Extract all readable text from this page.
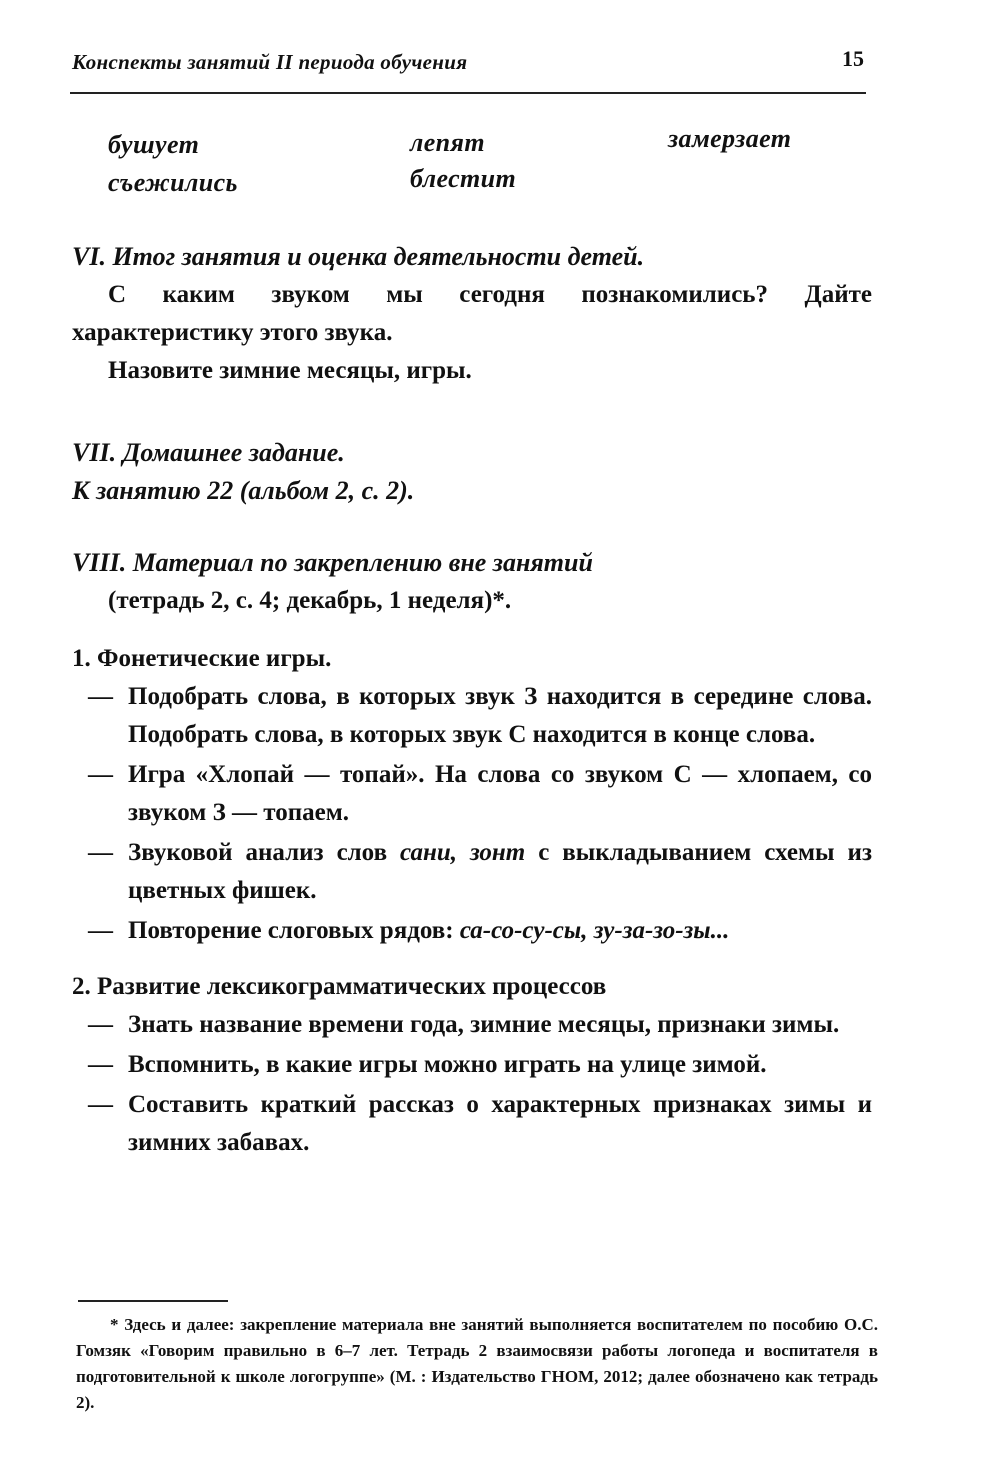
Конспекты занятий II периода обучения	15
бушует
съежились
лепят
блестит
замерзает
VI. Итог занятия и оценка деятельности детей.
С каким звуком мы сегодня познакомились? Дайте характеристику этого звука.
Назовите зимние месяцы, игры.
VII. Домашнее задание.
К занятию 22 (альбом 2, с. 2).
VIII. Материал по закреплению вне занятий
(тетрадь 2, с. 4; декабрь, 1 неделя)*.
1. Фонетические игры.
— Подобрать слова, в которых звук З находится в середине слова. Подобрать слова, в которых звук С находится в конце слова.
— Игра «Хлопай — топай». На слова со звуком С — хлопаем, со звуком З — топаем.
— Звуковой анализ слов сани, зонт с выкладыванием схемы из цветных фишек.
— Повторение слоговых рядов: са-со-су-сы, зу-за-зо-зы...
2. Развитие лексикограмматических процессов
— Знать название времени года, зимние месяцы, признаки зимы.
— Вспомнить, в какие игры можно играть на улице зимой.
— Составить краткий рассказ о характерных признаках зимы и зимних забавах.
* Здесь и далее: закрепление материала вне занятий выполняется воспитателем по пособию О.С. Гомзяк «Говорим правильно в 6–7 лет. Тетрадь 2 взаимосвязи работы логопеда и воспитателя в подготовительной к школе логогруппе» (М. : Издательство ГНОМ, 2012; далее обозначено как тетрадь 2).
